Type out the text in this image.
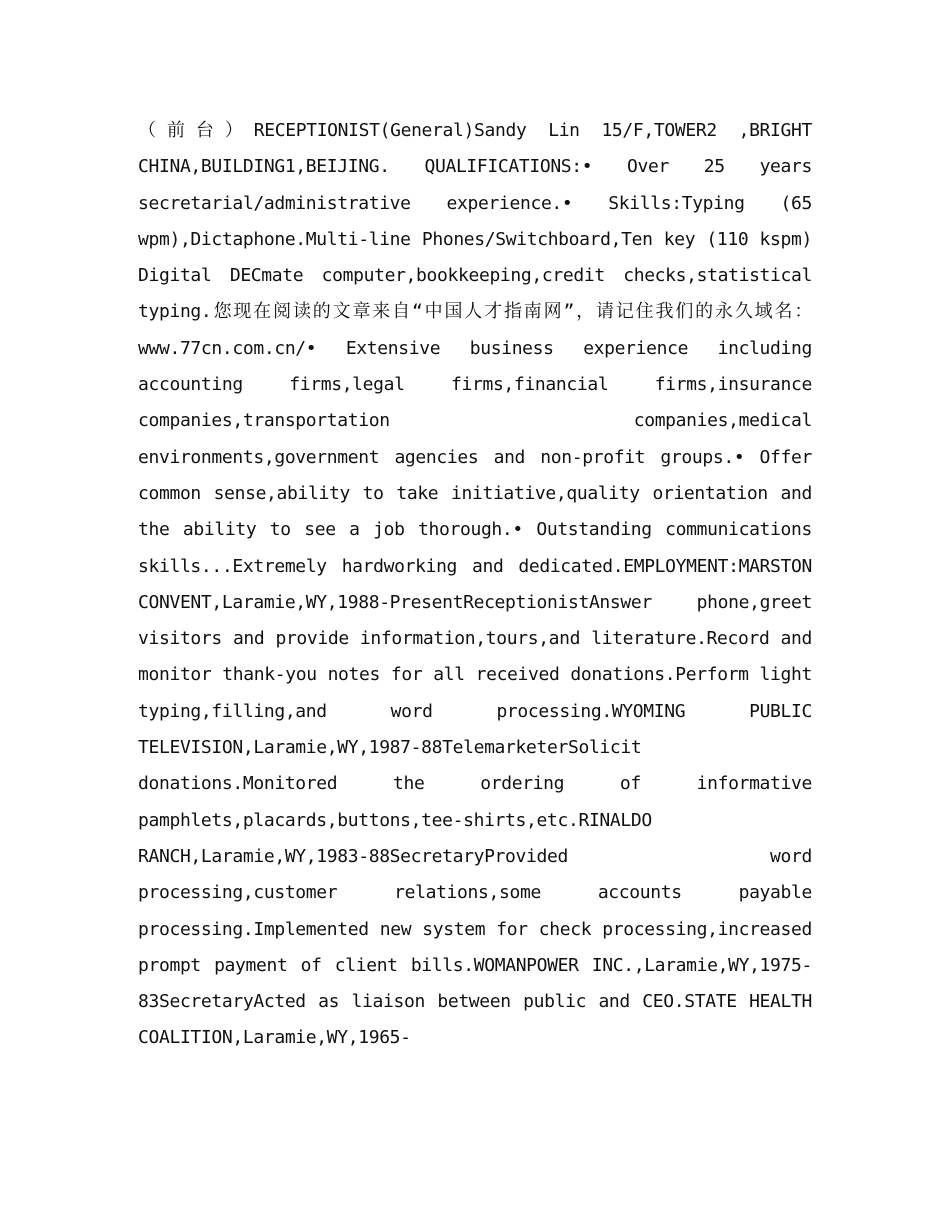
（前台）RECEPTIONIST(General)Sandy Lin 15/F,TOWER2 ,BRIGHT CHINA,BUILDING1,BEIJING. QUALIFICATIONS:• Over 25 years secretarial/administrative experience.• Skills:Typing (65 wpm),Dictaphone.Multi-line Phones/Switchboard,Ten key (110 kspm) Digital DECmate computer,bookkeeping,credit checks,statistical typing.您现在阅读的文章来自“中国人才指南网”，请记住我们的永久域名：www.77cn.com.cn/• Extensive business experience including accounting firms,legal firms,financial firms,insurance companies,transportation companies,medical environments,government agencies and non-profit groups.• Offer common sense,ability to take initiative,quality orientation and the ability to see a job thorough.• Outstanding communications skills...Extremely hardworking and dedicated.EMPLOYMENT:MARSTON CONVENT,Laramie,WY,1988-PresentReceptionistAnswer phone,greet visitors and provide information,tours,and literature.Record and monitor thank-you notes for all received donations.Perform light typing,filling,and word processing.WYOMING PUBLIC TELEVISION,Laramie,WY,1987-88TelemarketerSolicit donations.Monitored the ordering of informative pamphlets,placards,buttons,tee-shirts,etc.RINALDO RANCH,Laramie,WY,1983-88SecretaryProvided word processing,customer relations,some accounts payable processing.Implemented new system for check processing,increased prompt payment of client bills.WOMANPOWER INC.,Laramie,WY,1975-83SecretaryActed as liaison between public and CEO.STATE HEALTH COALITION,Laramie,WY,1965-
